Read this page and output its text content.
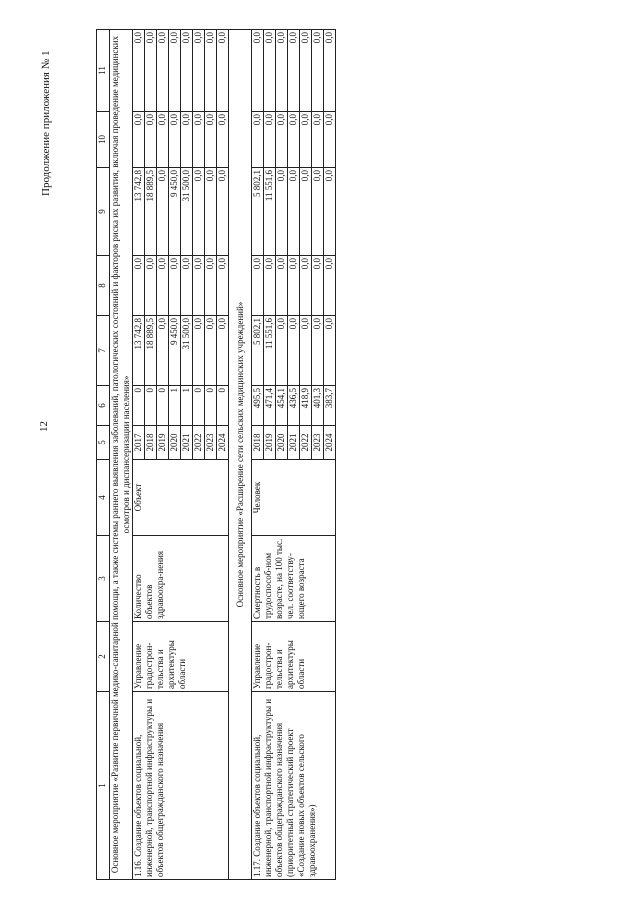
12
Продолжение приложения № 1
1	2	3	4	5	6	7	8	9	10	11
Основное мероприятие «Развитие первичной медико-санитарной помощи, а также системы раннего выявления заболеваний, патологических состояний и факторов риска их развития, включая проведение медицинских осмотров и диспансеризации населения»										
1.16. Создание объектов социальной, инженерной, транспортной инфраструктуры и объектов общегражданского назначения	Управление градострон-тельства и архитектуры области	Количество объектов здравоохра-нения	Объект	2017	0	13 742,8	0,0	13 742,8	0,0	0,0
				2018	0	18 889,5	0,0	18 889,5	0,0	0,0
				2019	0	0,0	0,0	0,0	0,0	0,0
				2020	1	9 450,0	0,0	9 450,0	0,0	0,0
				2021	1	31 500,0	0,0	31 500,0	0,0	0,0
				2022	0	0,0	0,0	0,0	0,0	0,0
				2023	0	0,0	0,0	0,0	0,0	0,0
				2024	0	0,0	0,0	0,0	0,0	0,0
Основное мероприятие «Расширение сети сельских медицинских учреждений»										
1.17. Создание объектов социальной, инженерной, транспортной инфраструктуры и объектов общегражданского назначения (приоритетный стратегический проект «Создание новых объектов сельского здравоохранения»)	Управление градострон-тельства и архитектуры области	Смертность в трудоспособ-ном возрасте, на 100 тыс. чел. соответству-ющего возраста	Человек	2018	495,5	5 802,1	0,0	5 802,1	0,0	0,0
				2019	471,4	11 551,6	0,0	11 551,6	0,0	0,0
				2020	454,1	0,0	0,0	0,0	0,0	0,0
				2021	436,5	0,0	0,0	0,0	0,0	0,0
				2022	418,9	0,0	0,0	0,0	0,0	0,0
				2023	401,3	0,0	0,0	0,0	0,0	0,0
				2024	383,7	0,0	0,0	0,0	0,0	0,0
